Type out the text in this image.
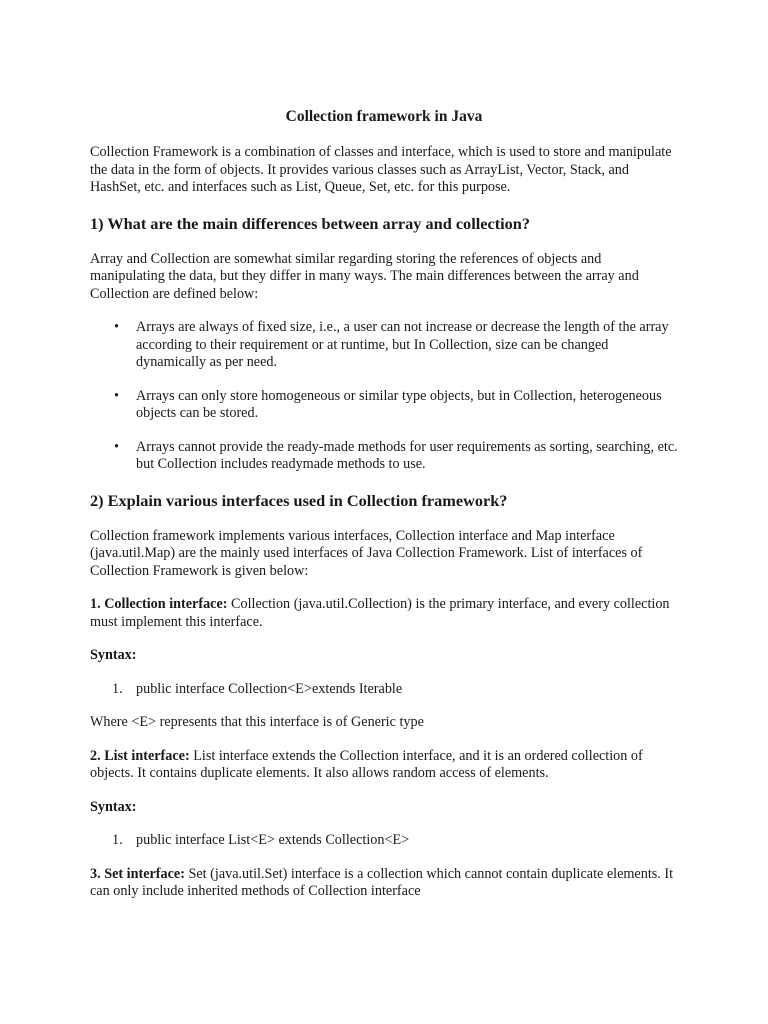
Collection framework in Java

Collection Framework is a combination of classes and interface, which is used to store and manipulate the data in the form of objects. It provides various classes such as ArrayList, Vector, Stack, and HashSet, etc. and interfaces such as List, Queue, Set, etc. for this purpose.

1) What are the main differences between array and collection?

Array and Collection are somewhat similar regarding storing the references of objects and manipulating the data, but they differ in many ways. The main differences between the array and Collection are defined below:

• Arrays are always of fixed size, i.e., a user can not increase or decrease the length of the array according to their requirement or at runtime, but In Collection, size can be changed dynamically as per need.
• Arrays can only store homogeneous or similar type objects, but in Collection, heterogeneous objects can be stored.
• Arrays cannot provide the ready-made methods for user requirements as sorting, searching, etc. but Collection includes readymade methods to use.
2) Explain various interfaces used in Collection framework?

Collection framework implements various interfaces, Collection interface and Map interface (java.util.Map) are the mainly used interfaces of Java Collection Framework. List of interfaces of Collection Framework is given below:

1. Collection interface: Collection (java.util.Collection) is the primary interface, and every collection must implement this interface.

Syntax:
1. public interface Collection<E>extends Iterable

Where <E> represents that this interface is of Generic type

2. List interface: List interface extends the Collection interface, and it is an ordered collection of objects. It contains duplicate elements. It also allows random access of elements.

Syntax:
1. public interface List<E> extends Collection<E>

3. Set interface: Set (java.util.Set) interface is a collection which cannot contain duplicate elements. It can only include inherited methods of Collection interface
